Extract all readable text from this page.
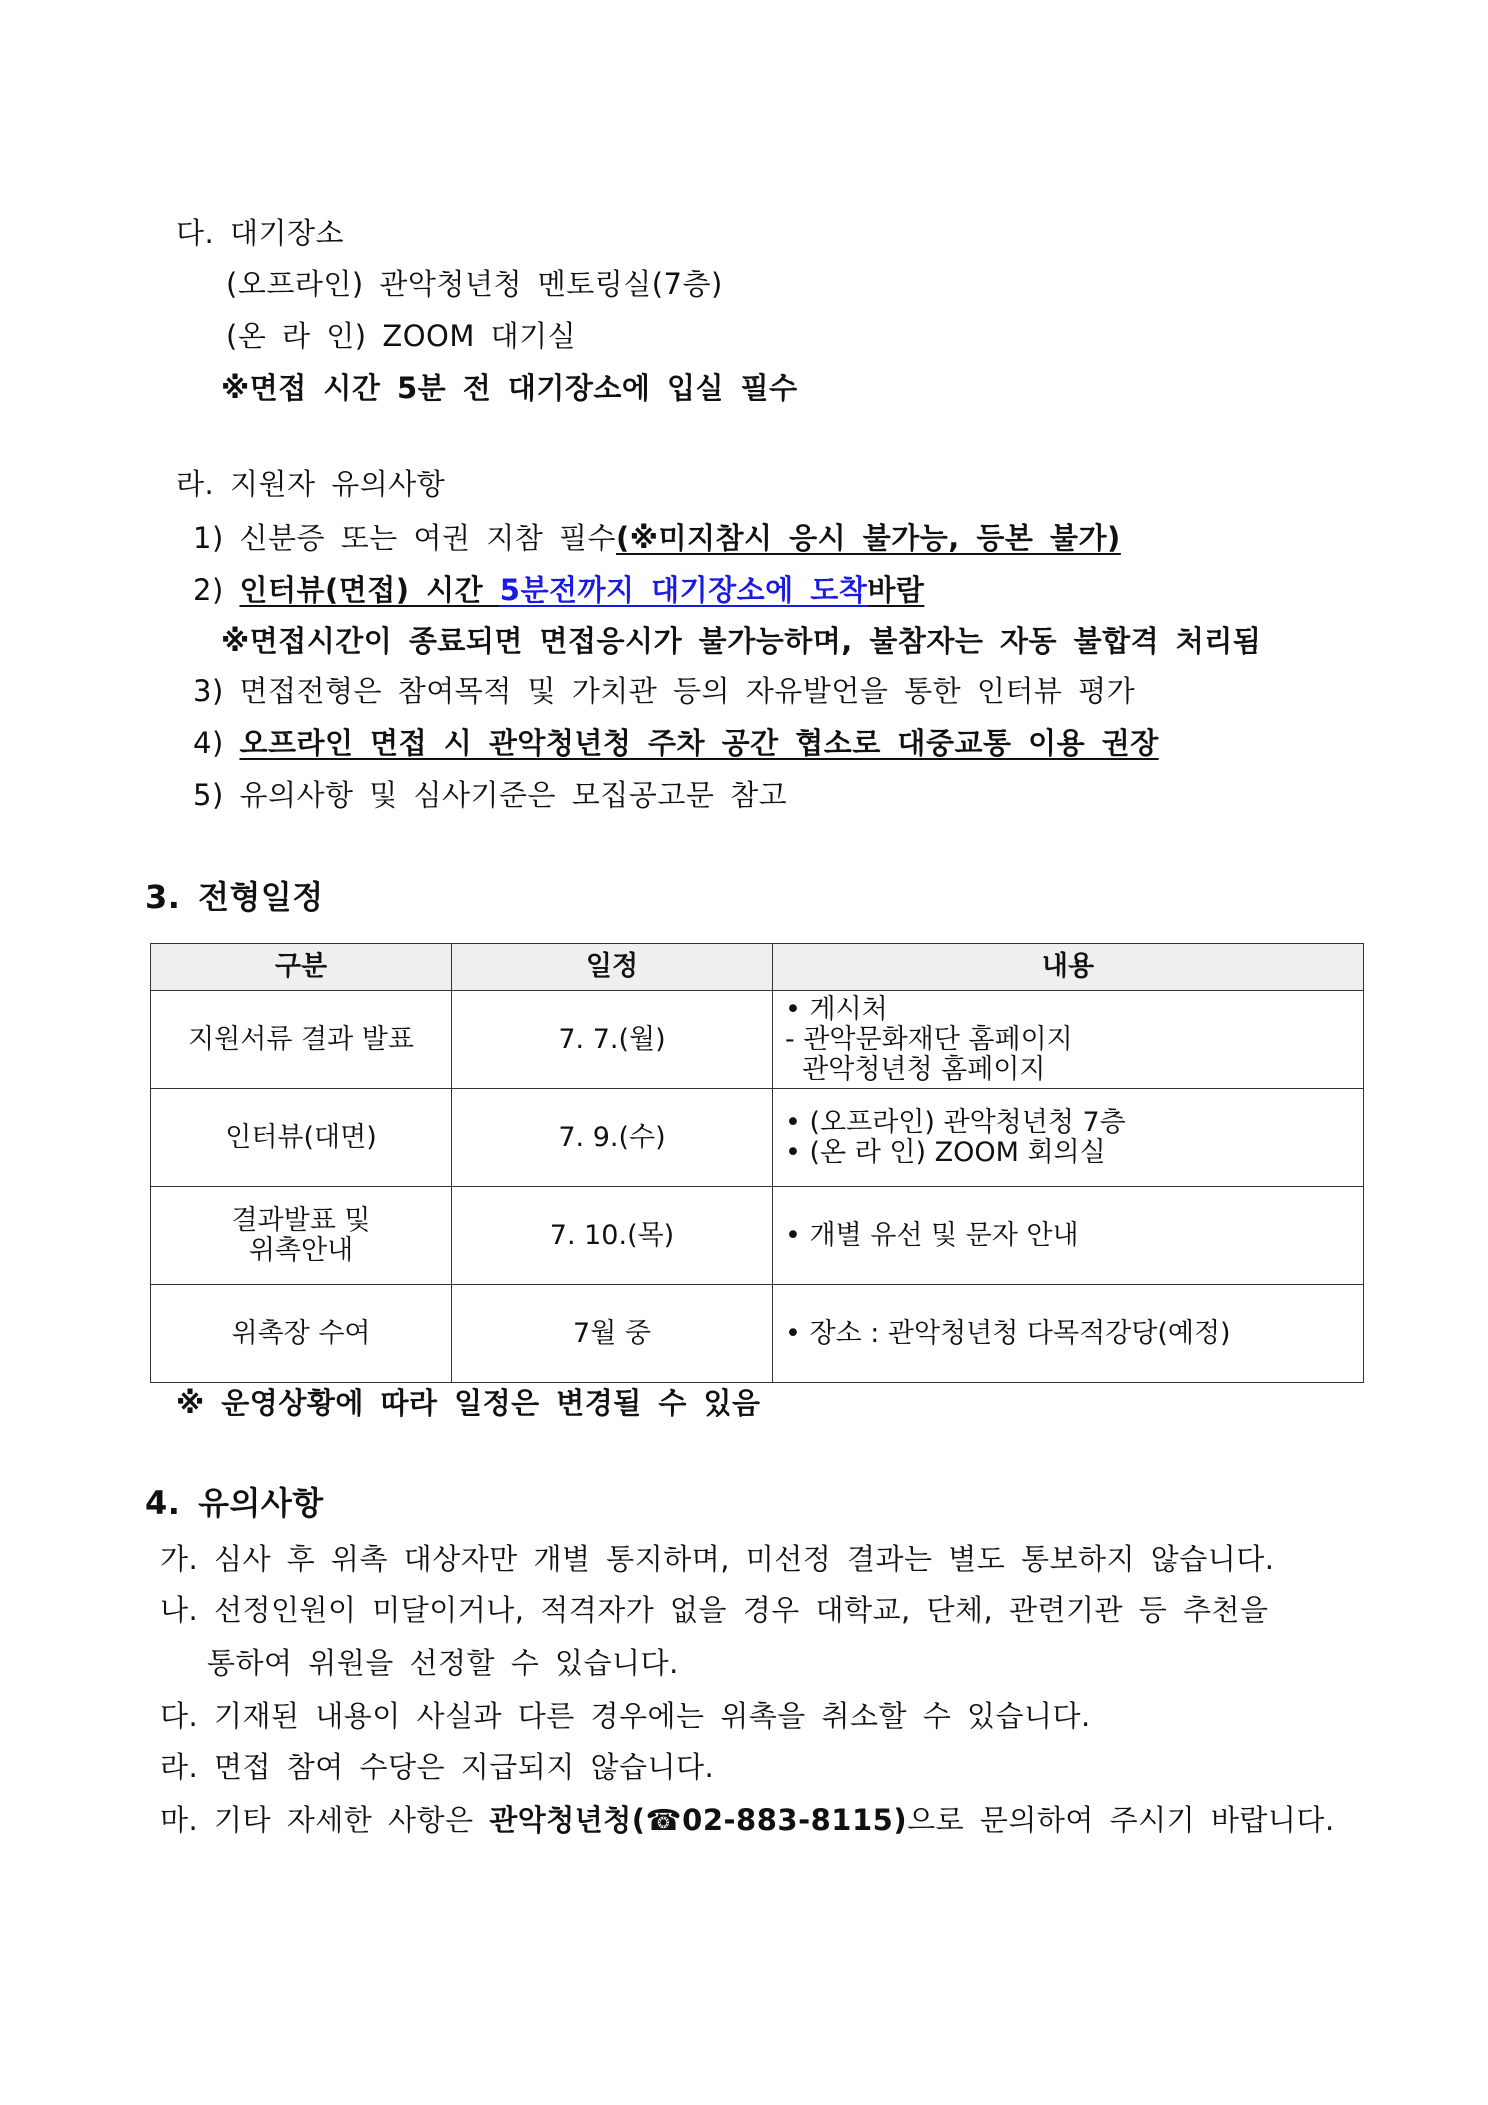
다. 대기장소
(오프라인) 관악청년청 멘토링실(7층)
(온 라 인) ZOOM 대기실
※면접 시간 5분 전 대기장소에 입실 필수
라. 지원자 유의사항
1) 신분증 또는 여권 지참 필수(※미지참시 응시 불가능, 등본 불가)
2) 인터뷰(면접) 시간 5분전까지 대기장소에 도착바람
※면접시간이 종료되면 면접응시가 불가능하며, 불참자는 자동 불합격 처리됨
3) 면접전형은 참여목적 및 가치관 등의 자유발언을 통한 인터뷰 평가
4) 오프라인 면접 시 관악청년청 주차 공간 협소로 대중교통 이용 권장
5) 유의사항 및 심사기준은 모집공고문 참고
3. 전형일정
구분	일정	내용
지원서류 결과 발표	7. 7.(월)	• 게시처
- 관악문화재단 홈페이지
관악청년청 홈페이지

인터뷰(대면)	7. 9.(수)	• (오프라인) 관악청년청 7층
• (온 라 인) ZOOM 회의실

결과발표 및
위촉안내	7. 10.(목)	• 개별 유선 및 문자 안내

위촉장 수여	7월 중	• 장소 : 관악청년청 다목적강당(예정)
※ 운영상황에 따라 일정은 변경될 수 있음
4. 유의사항
가. 심사 후 위촉 대상자만 개별 통지하며, 미선정 결과는 별도 통보하지 않습니다.
나. 선정인원이 미달이거나, 적격자가 없을 경우 대학교, 단체, 관련기관 등 추천을
통하여 위원을 선정할 수 있습니다.
다. 기재된 내용이 사실과 다른 경우에는 위촉을 취소할 수 있습니다.
라. 면접 참여 수당은 지급되지 않습니다.
마. 기타 자세한 사항은 관악청년청(☎02-883-8115)으로 문의하여 주시기 바랍니다.
